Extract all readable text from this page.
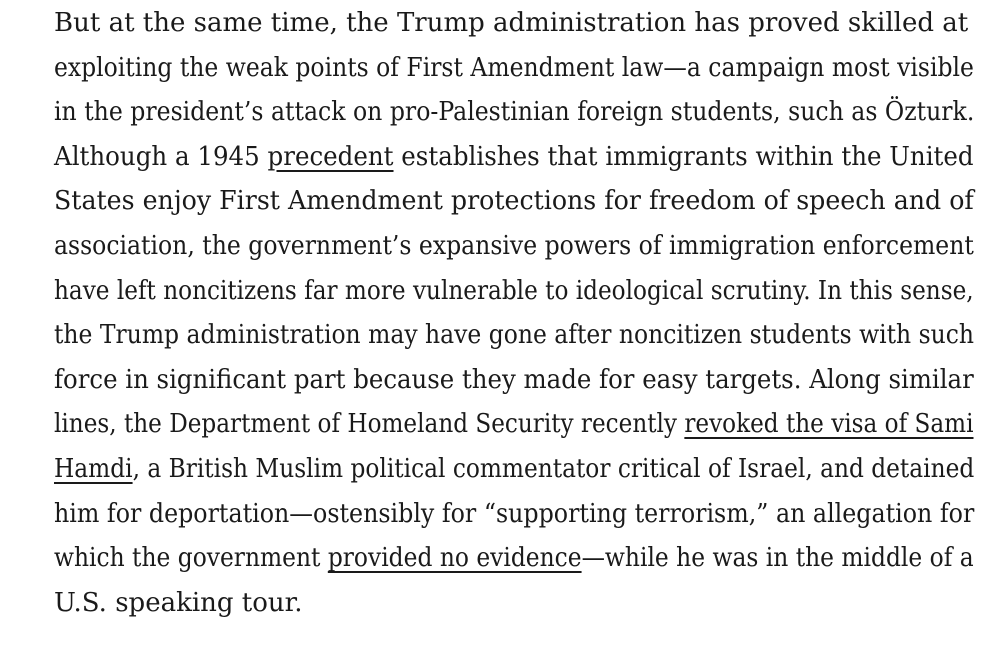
But at the same time, the Trump administration has proved skilled at
exploiting the weak points of First Amendment law—a campaign most visible
in the president’s attack on pro-Palestinian foreign students, such as Özturk.
Although a 1945 precedent establishes that immigrants within the United
States enjoy First Amendment protections for freedom of speech and of
association, the government’s expansive powers of immigration enforcement
have left noncitizens far more vulnerable to ideological scrutiny. In this sense,
the Trump administration may have gone after noncitizen students with such
force in significant part because they made for easy targets. Along similar
lines, the Department of Homeland Security recently revoked the visa of Sami
Hamdi, a British Muslim political commentator critical of Israel, and detained
him for deportation—ostensibly for “supporting terrorism,” an allegation for
which the government provided no evidence—while he was in the middle of a
U.S. speaking tour.
